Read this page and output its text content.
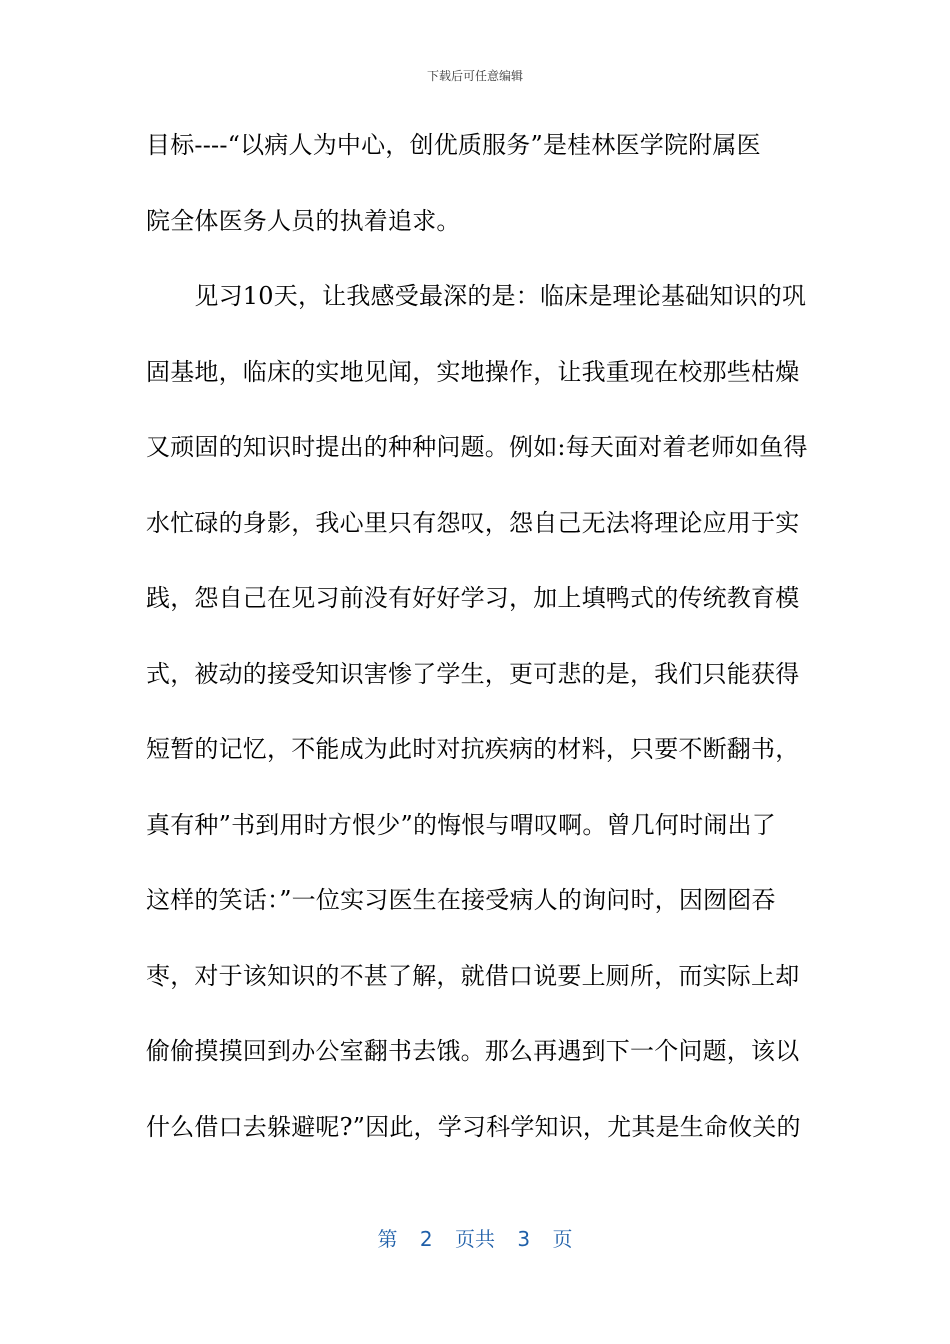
下载后可任意编辑
目标----“以病人为中心，创优质服务”是桂林医学院附属医
院全体医务人员的执着追求。
　　见习10天，让我感受最深的是：临床是理论基础知识的巩
固基地，临床的实地见闻，实地操作，让我重现在校那些枯燥
又顽固的知识时提出的种种问题。例如:每天面对着老师如鱼得
水忙碌的身影，我心里只有怨叹，怨自己无法将理论应用于实
践，怨自己在见习前没有好好学习，加上填鸭式的传统教育模
式，被动的接受知识害惨了学生，更可悲的是，我们只能获得
短暂的记忆，不能成为此时对抗疾病的材料，只要不断翻书，
真有种”书到用时方恨少”的悔恨与喟叹啊。曾几何时闹出了
这样的笑话：”一位实习医生在接受病人的询问时，因囫囵吞
枣，对于该知识的不甚了解，就借口说要上厕所，而实际上却
偷偷摸摸回到办公室翻书去饿。那么再遇到下一个问题，该以
什么借口去躲避呢?”因此，学习科学知识，尤其是生命攸关的
第 2 页共 3 页
